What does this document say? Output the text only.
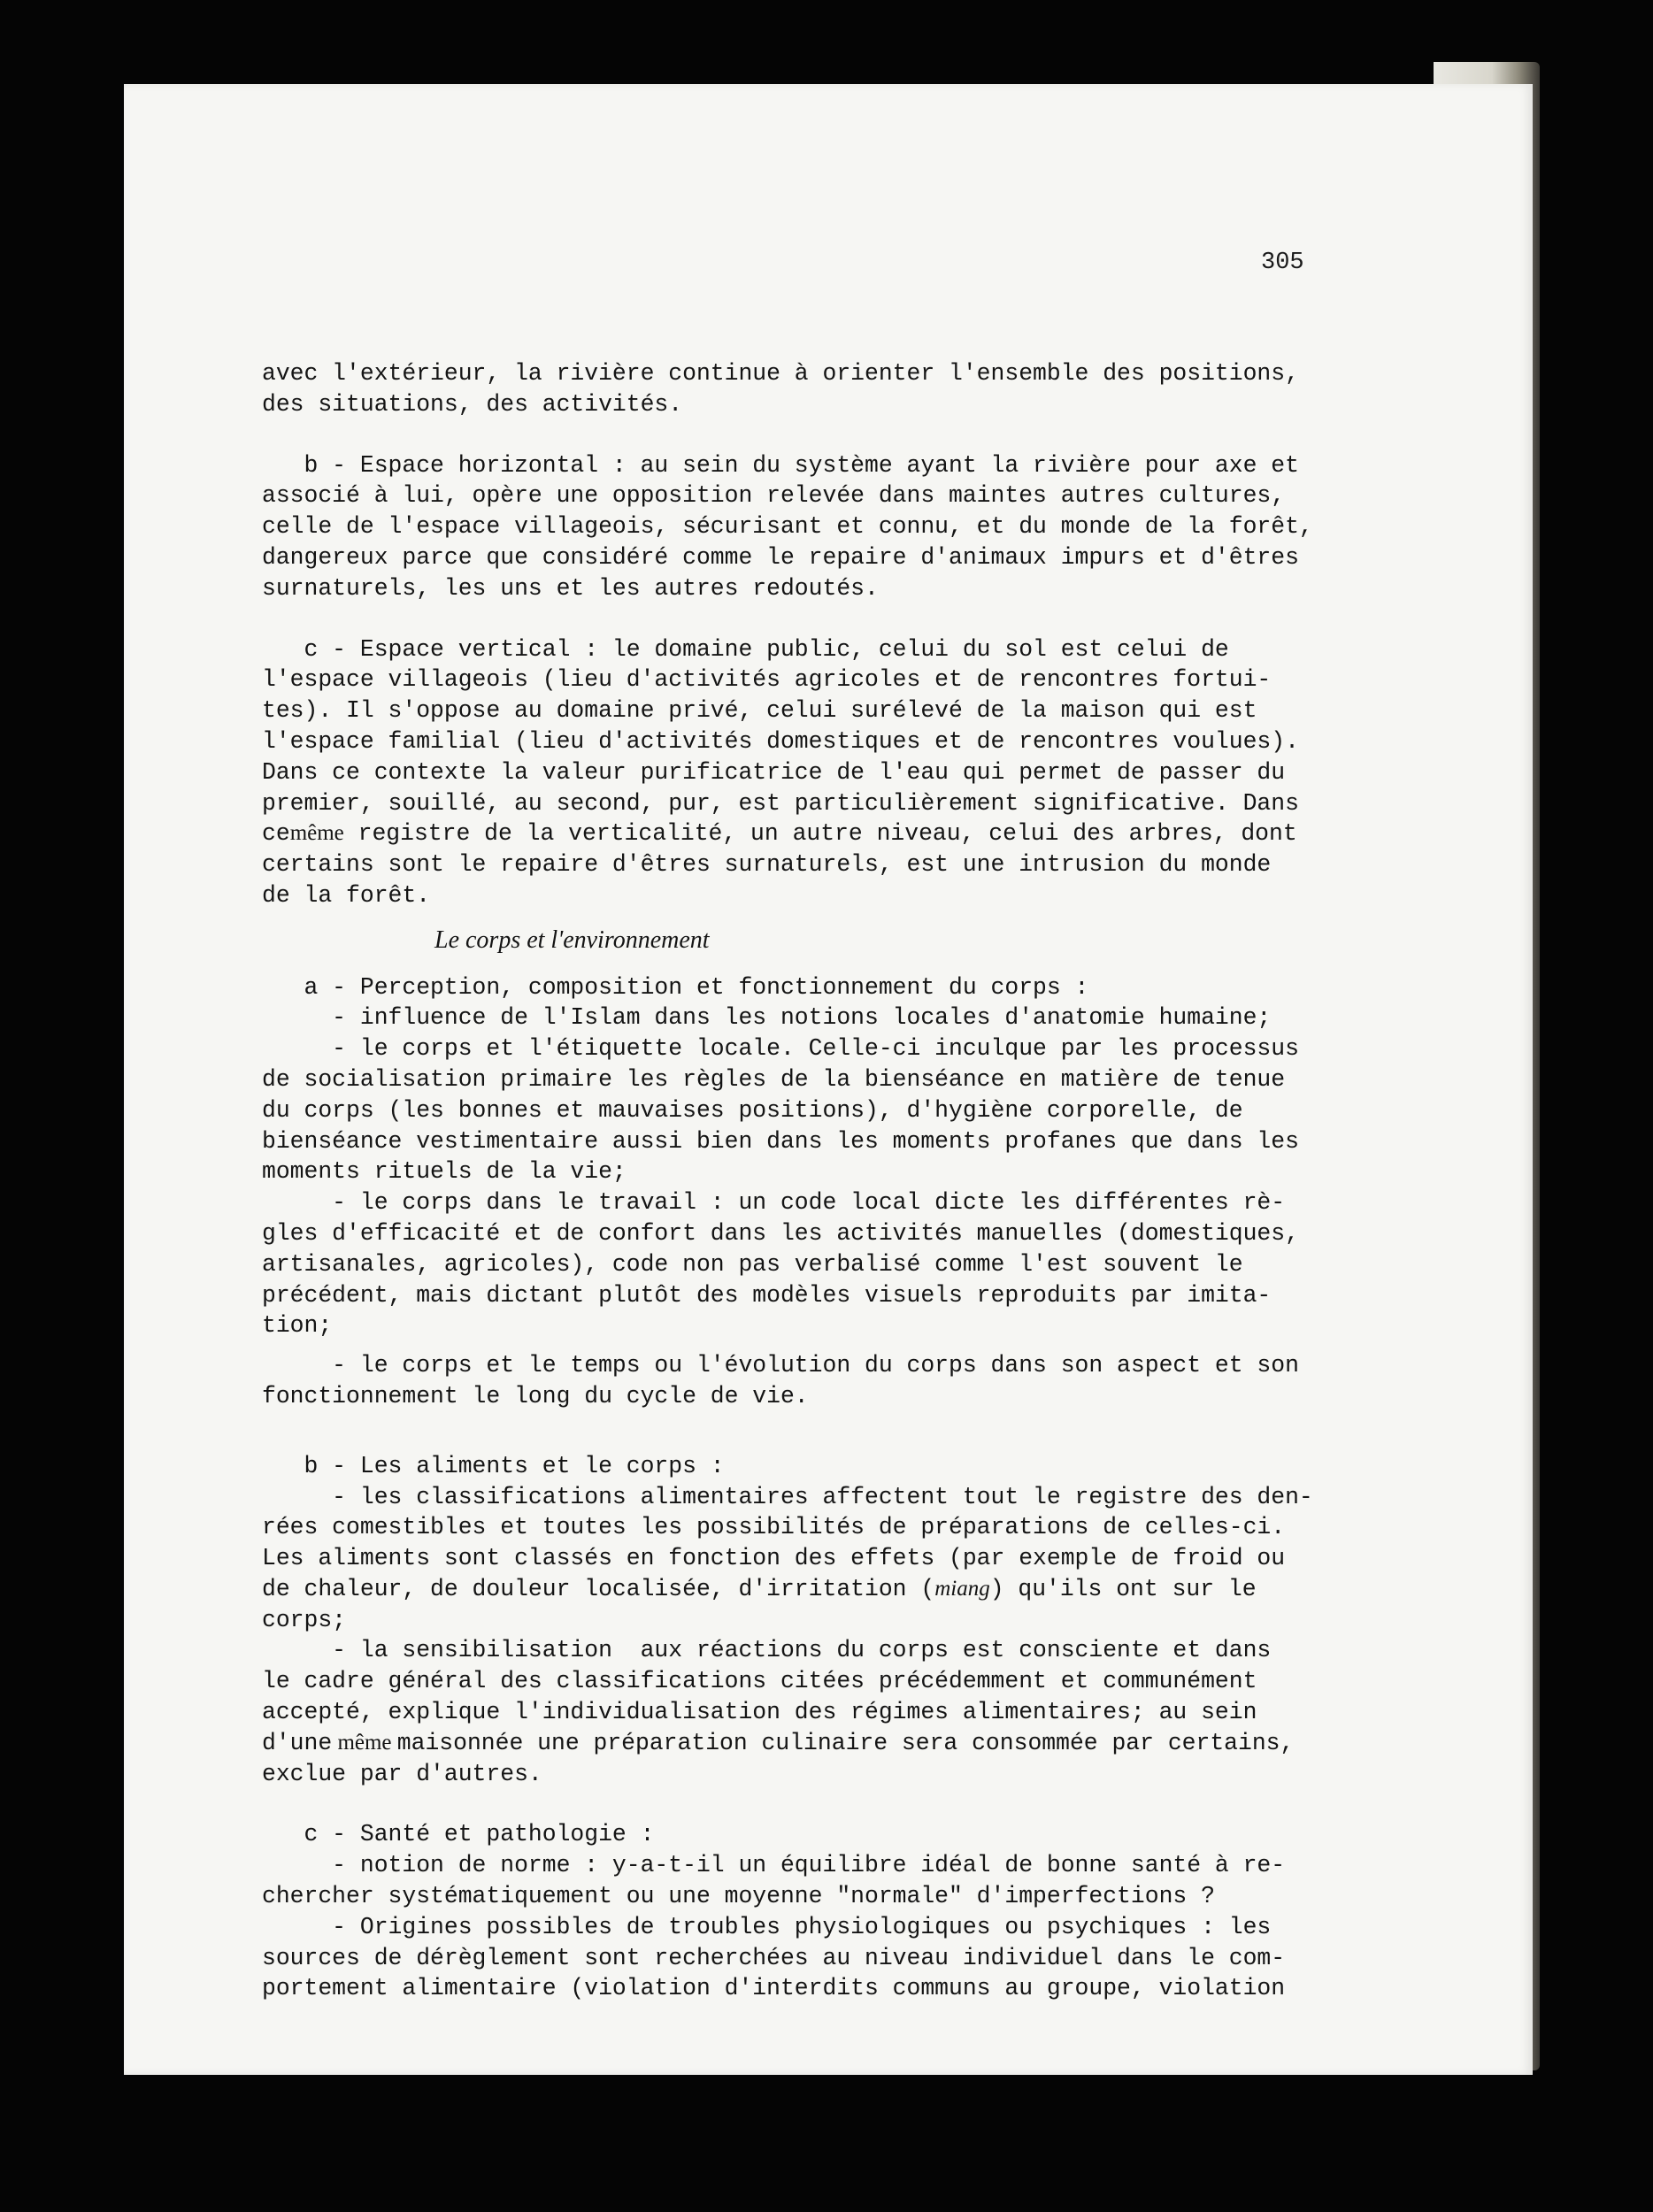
305

avec l'extérieur, la rivière continue à orienter l'ensemble des positions,

des situations, des activités.

b - Espace horizontal : au sein du système ayant la rivière pour axe et

associé à lui, opère une opposition relevée dans maintes autres cultures,

celle de l'espace villageois, sécurisant et connu, et du monde de la forêt,

dangereux parce que considéré comme le repaire d'animaux impurs et d'êtres

surnaturels, les uns et les autres redoutés.

c - Espace vertical : le domaine public, celui du sol est celui de

l'espace villageois (lieu d'activités agricoles et de rencontres fortui-

tes). Il s'oppose au domaine privé, celui surélevé de la maison qui est

l'espace familial (lieu d'activités domestiques et de rencontres voulues).

Dans ce contexte la valeur purificatrice de l'eau qui permet de passer du

premier, souillé, au second, pur, est particulièrement significative. Dans

cemême registre de la verticalité, un autre niveau, celui des arbres, dont

certains sont le repaire d'êtres surnaturels, est une intrusion du monde

de la forêt.

Le corps et l'environnement

a - Perception, composition et fonctionnement du corps :

- influence de l'Islam dans les notions locales d'anatomie humaine;

- le corps et l'étiquette locale. Celle-ci inculque par les processus

de socialisation primaire les règles de la bienséance en matière de tenue

du corps (les bonnes et mauvaises positions), d'hygiène corporelle, de

bienséance vestimentaire aussi bien dans les moments profanes que dans les

moments rituels de la vie;

- le corps dans le travail : un code local dicte les différentes rè-

gles d'efficacité et de confort dans les activités manuelles (domestiques,

artisanales, agricoles), code non pas verbalisé comme l'est souvent le

précédent, mais dictant plutôt des modèles visuels reproduits par imita-

tion;

- le corps et le temps ou l'évolution du corps dans son aspect et son

fonctionnement le long du cycle de vie.

b - Les aliments et le corps :

- les classifications alimentaires affectent tout le registre des den-

rées comestibles et toutes les possibilités de préparations de celles-ci.

Les aliments sont classés en fonction des effets (par exemple de froid ou

de chaleur, de douleur localisée, d'irritation (miang) qu'ils ont sur le

corps;

- la sensibilisation  aux réactions du corps est consciente et dans

le cadre général des classifications citées précédemment et communément

accepté, explique l'individualisation des régimes alimentaires; au sein

d'une même maisonnée une préparation culinaire sera consommée par certains,

exclue par d'autres.

c - Santé et pathologie :

- notion de norme : y-a-t-il un équilibre idéal de bonne santé à re-

chercher systématiquement ou une moyenne "normale" d'imperfections ?

- Origines possibles de troubles physiologiques ou psychiques : les

sources de dérèglement sont recherchées au niveau individuel dans le com-

portement alimentaire (violation d'interdits communs au groupe, violation
